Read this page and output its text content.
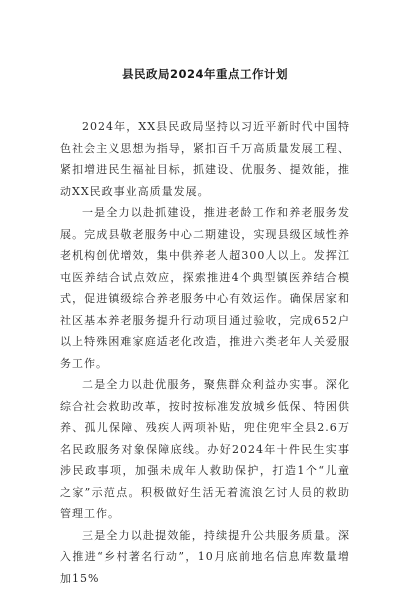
县民政局2024年重点工作计划

2024年，XX县民政局坚持以习近平新时代中国特色社会主义思想为指导，紧扣百千万高质量发展工程、紧扣增进民生福祉目标，抓建设、优服务、提效能，推动XX民政事业高质量发展。

一是全力以赴抓建设，推进老龄工作和养老服务发展。完成县敬老服务中心二期建设，实现县级区域性养老机构创优增效，集中供养老人超300人以上。发挥江屯医养结合试点效应，探索推进4个典型镇医养结合模式，促进镇级综合养老服务中心有效运作。确保居家和社区基本养老服务提升行动项目通过验收，完成652户以上特殊困难家庭适老化改造，推进六类老年人关爱服务工作。

二是全力以赴优服务，聚焦群众利益办实事。深化综合社会救助改革，按时按标准发放城乡低保、特困供养、孤儿保障、残疾人两项补贴，兜住兜牢全县2.6万名民政服务对象保障底线。办好2024年十件民生实事涉民政事项，加强未成年人救助保护，打造1个“儿童之家”示范点。积极做好生活无着流浪乞讨人员的救助管理工作。

三是全力以赴提效能，持续提升公共服务质量。深入推进“乡村著名行动”，10月底前地名信息库数量增加15%
